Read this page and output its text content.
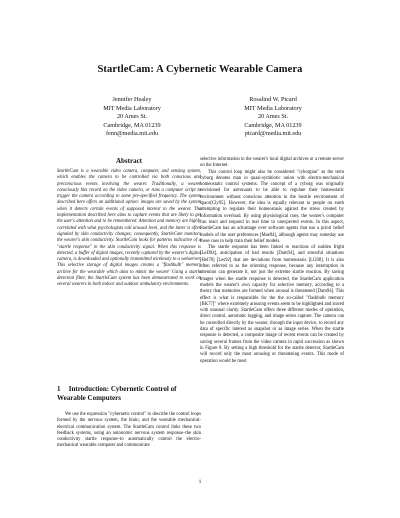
StartleCam: A Cybernetic Wearable Camera
Jennifer Healey
MIT Media Laboratory
20 Ames St.
Cambridge, MA 01239
fenn@media.mit.edu
Rosalind W. Picard
MIT Media Laboratory
20 Ames St.
Cambridge, MA 01239
picard@media.mit.edu
Abstract
StartleCam is a wearable video camera, computer, and sensing system, which enables the camera to be controlled via both conscious and preconscious events involving the wearer. Traditionally, a wearer consciously hits record on the video camera, or runs a computer script to trigger the camera according to some pre-specified frequency. The system described here offers an additional option: images are saved by the system when it detects certain events of supposed interest to the wearer. The implementation described here aims to capture events that are likely to get the user's attention and to be remembered. Attention and memory are highly correlated with what psychologists call arousal level, and the latter is often signaled by skin conductivity changes; consequently, StartleCam monitors the wearer's skin conductivity. StartleCam looks for patterns indicative of a "startle response" in the skin conductivity signal. When this response is detected, a buffer of digital images, recently captured by the wearer's digital camera, is downloaded and optionally transmitted wirelessly to a webserver. This selective storage of digital images creates a "flashbulb" memory archive for the wearable which aims to mimic the wearer' Using a startle detection filter, the StartleCam system has been demonstrated to work on several wearers in both indoor and outdoor ambulatory environments.
1 Introduction: Cybernetic Control of Wearable Computers

We use the expression "cybernetic control" to describe the control loops formed by the nervous system, the brain, and the wearable mechanical-electrical communication system. The StartleCam control links these two feedback systems, using an autonomic nervous system response–the skin conductivity startle response–to automatically control the electro-mechanical wearable computer and communicate

selective information to the wearer's local digital archives or a remote server on the Internet.

This control loop might also be considered "cyborgian" as the term cyborg denotes man in quasi-symbiotic union with electro-mechanical homeostatic control systems. The concept of a cyborg was originally envisioned for astronauts to be able to regulate their homeostatic environment without conscious attention in the hostile environment of space[Cly95]. However, the idea is equally relevant to people on earth attempting to regulate their homeostasis against the stress created by information overload. By using physiological cues, the wearer's computer can react and respond in real time to unexpected events. In this aspect, StartleCam has an advantage over software agents that use a priori belief models of the user preferences [Mae94], although agents may someday use these cues to help train their belief models.

The startle response has been linked to reactions of sudden fright [LeD94], anticipation of bad results [Dam94], and stressful situations [Hel78] [Les92] that are deviations from homeostasis [LG88]. It is also often referred to as the orienting response, because any interruption in attention can generate it, not just the extreme startle reaction. By saving images when the startle response is detected, the StartleCam application models the wearer's own capacity for selective memory, according to a theory that memories are formed when arousal is threatened [Dam94]. This effect is what is responsible for the the so-called "flashbulb memory [BK77]" where extremely arousing events seem to be highlighted and stored with unusual clarity. StartleCam offers three different modes of operation, direct control, automatic logging, and image series capture. The camera can be controlled directly by the wearer, through the input device, to record any data of specific interest as snapshot or as image series. When the startle response is detected, a composite image of recent events can be created by saving several frames from the video camera in rapid succession as shown in Figure 8. By setting a high threshold for the startle detector, StartleCam will record only the most arousing or threatening events. This mode of operation would be most

1
